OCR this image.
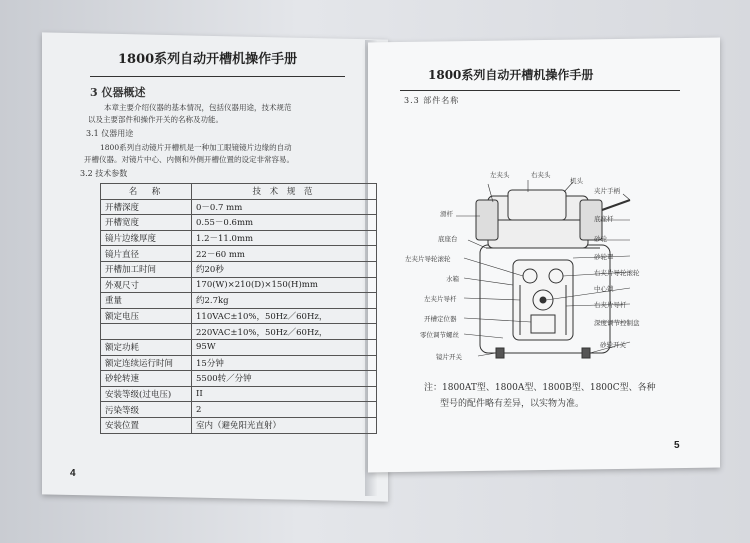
1800系列自动开槽机操作手册
3 仪器概述
本章主要介绍仪器的基本情况，包括仪器用途，技术规范
以及主要部件和操作开关的名称及功能。
3.1 仪器用途
1800系列自动镜片开槽机是一种加工眼镜镜片边缘的自动
开槽仪器。对镜片中心、内侧和外侧开槽位置的设定非常容易。
3.2 技术参数
名　称	技 术 规 范
开槽深度	0－0.7 mm
开槽宽度	0.55－0.6mm
镜片边缘厚度	1.2－11.0mm
镜片直径	22－60 mm
开槽加工时间	约20秒
外观尺寸	170(W)×210(D)×150(H)mm
重量	约2.7kg
额定电压	110VAC±10%，50Hz／60Hz，
	220VAC±10%，50Hz／60Hz，
额定功耗	95W
额定连续运行时间	15分钟
砂轮转速	5500转／分钟
安装等级(过电压)	II
污染等级	2
安装位置	室内（避免阳光直射）
4
1800系列自动开槽机操作手册
3.3 部件名称
左夹头	右夹头
机头
夹片手柄
滑杆
底座杆
底座台	砂轮
左夹片导轮滚轮	砂轮罩
水箱
右夹片导轮滚轮
中心锁
左夹片导杆
右夹片导杆
开槽定位器	深度调节控制盘
零位调节螺丝
砂轮开关
镜片开关
注：1800AT型、1800A型、1800B型、1800C型、各种
型号的配件略有差异，以实物为准。
5
